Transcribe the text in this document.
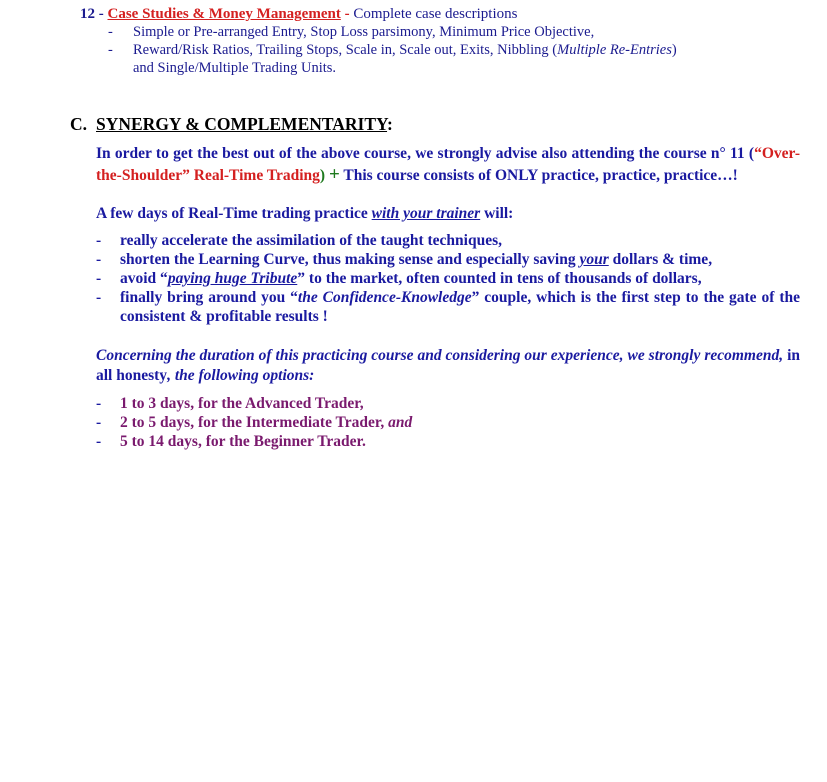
12 - Case Studies & Money Management - Complete case descriptions
- Simple or Pre-arranged Entry, Stop Loss parsimony, Minimum Price Objective,
- Reward/Risk Ratios, Trailing Stops, Scale in, Scale out, Exits, Nibbling (Multiple Re-Entries)
and Single/Multiple Trading Units.
C. SYNERGY & COMPLEMENTARITY:
In order to get the best out of the above course, we strongly advise also attending the course n° 11 (“Over-the-Shoulder” Real-Time Trading) + This course consists of ONLY practice, practice, practice…!
A few days of Real-Time trading practice with your trainer will:
- really accelerate the assimilation of the taught techniques,
- shorten the Learning Curve, thus making sense and especially saving your dollars & time,
- avoid “paying huge Tribute” to the market, often counted in tens of thousands of dollars,
- finally bring around you “the Confidence-Knowledge” couple, which is the first step to the gate of the consistent & profitable results !
Concerning the duration of this practicing course and considering our experience, we strongly recommend, in all honesty, the following options:
- 1 to 3 days, for the Advanced Trader,
- 2 to 5 days, for the Intermediate Trader, and
- 5 to 14 days, for the Beginner Trader.
